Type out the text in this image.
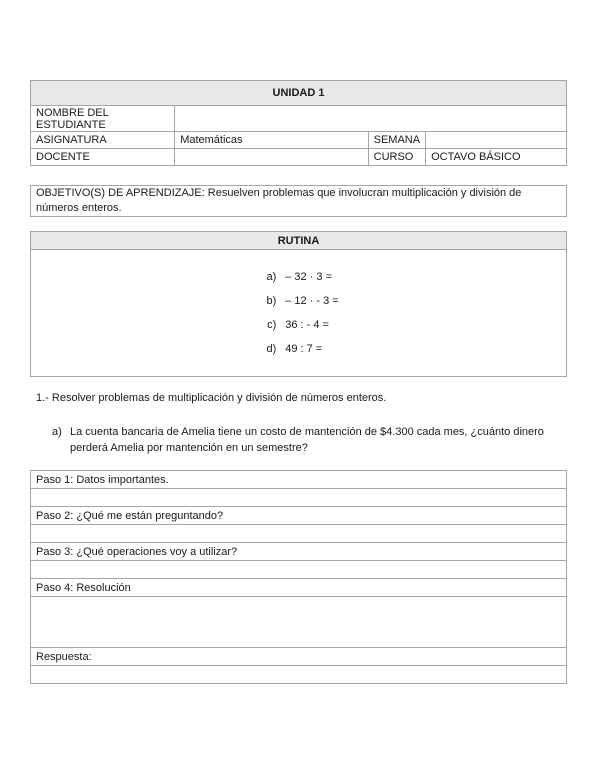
UNIDAD 1			
NOMBRE DEL ESTUDIANTE			
ASIGNATURA	Matemáticas	SEMANA	
DOCENTE		CURSO	OCTAVO BÁSICO
OBJETIVO(S) DE APRENDIZAJE: Resuelven problemas que involucran multiplicación y división de números enteros.
RUTINA

a) – 32 · 3 =
b) – 12 · - 3 =
c) 36 : - 4 =
d) 49 : 7 =
1.- Resolver problemas de multiplicación y división de números enteros.
a) La cuenta bancaria de Amelia tiene un costo de mantención de $4.300 cada mes, ¿cuánto dinero perderá Amelia por mantención en un semestre?
Paso 1: Datos importantes.

Paso 2: ¿Qué me están preguntando?

Paso 3: ¿Qué operaciones voy a utilizar?

Paso 4: Resolución

Respuesta:
